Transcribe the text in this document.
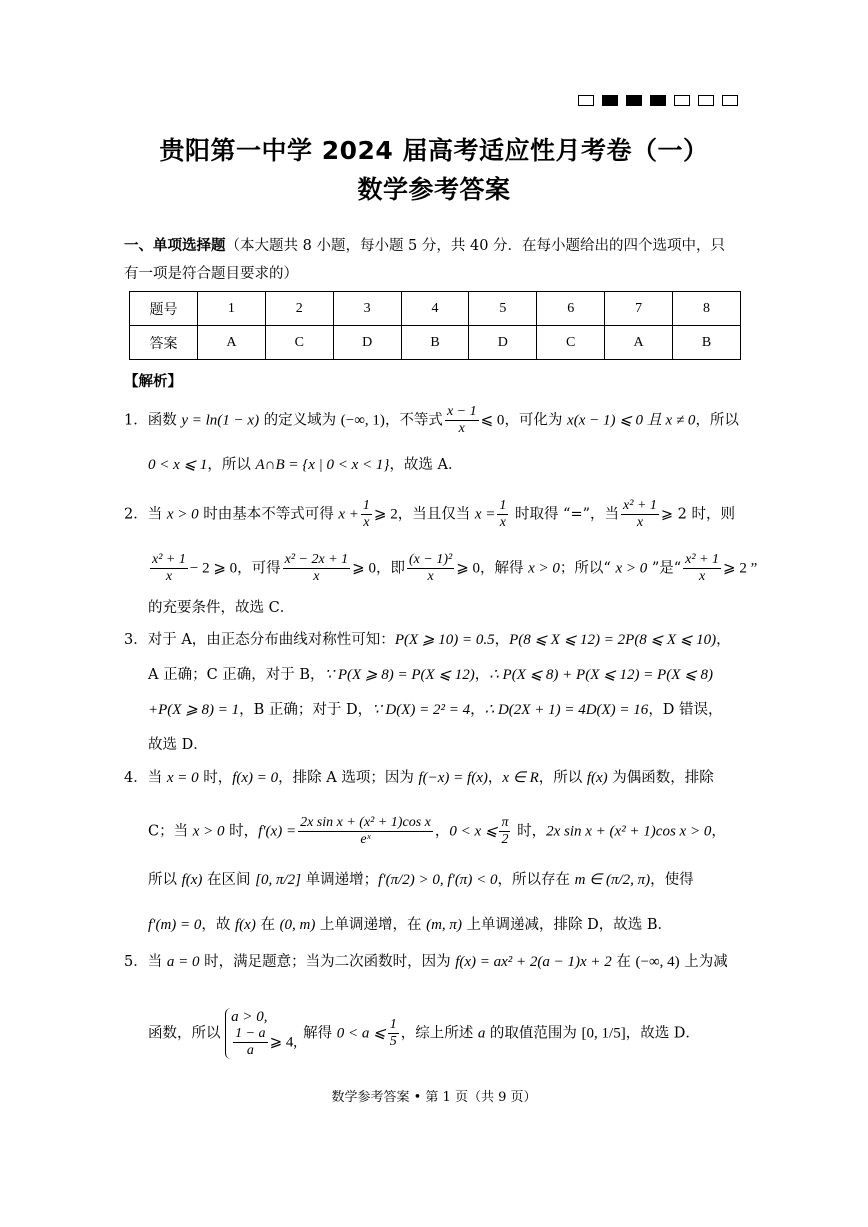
贵阳第一中学 2024 届高考适应性月考卷（一）
数学参考答案
一、单项选择题（本大题共 8 小题，每小题 5 分，共 40 分．在每小题给出的四个选项中，只
有一项是符合题目要求的）
题号	1	2	3	4	5	6	7	8
答案	A	C	D	B	D	C	A	B
【解析】
1．函数 y = ln(1 − x) 的定义域为 (−∞, 1)，不等式 $\frac{x - 1}{x}$ ⩽ 0，可化为 x(x − 1) ⩽ 0 且 x ≠ 0，所以
0 < x ⩽ 1，所以 A∩B = {x | 0 < x < 1}，故选 A．
2．当 x > 0 时由基本不等式可得 $x + \frac{1}{x}$ ⩾ 2，当且仅当 $x = \frac{1}{x}$ 时取得 “=”，当 $\frac{\text{x² + 1}}{x}$ ⩾ 2 时，则
$\frac{\text{x² + 1}}{x} - 2$ ⩾ 0，可得 $\frac{\text{x² − 2x + 1}}{x}$ ⩾ 0，即 $\frac{\text{(x − 1)²}}{x}$ ⩾ 0，解得 x > 0；所以“ x > 0 ”是“ $\frac{\text{x² + 1}}{x}$ ⩾ 2 ”
的充要条件，故选 C．
3．对于 A，由正态分布曲线对称性可知：P(X ⩾ 10) = 0.5，P(8 ⩽ X ⩽ 12) = 2P(8 ⩽ X ⩽ 10)，
A 正确；C 正确，对于 B，∵ P(X ⩾ 8) = P(X ⩽ 12)，∴ P(X ⩽ 8) + P(X ⩽ 12) = P(X ⩽ 8)
+P(X ⩾ 8) = 1，B 正确；对于 D，∵ D(X) = 2² = 4，∴ D(2X + 1) = 4D(X) = 16，D 错误，
故选 D．
4．当 x = 0 时，f(x) = 0，排除 A 选项；因为 f(−x) = f(x)，x ∈ R，所以 f(x) 为偶函数，排除
C；当 x > 0 时，$f'(x) = \frac{\text{2x sin x + (x² + 1)cos x}}{\text{eˣ}}$ ，0 < x ⩽ $\frac{\pi}{2}$ 时，2x sin x + (x² + 1)cos x > 0，
所以 f(x) 在区间 [0, π/2] 单调递增；f′(π/2) > 0, f′(π) < 0，所以存在 m ∈ (π/2, π)，使得
f′(m) = 0，故 f(x) 在 (0, m) 上单调递增，在 (m, π) 上单调递减，排除 D，故选 B．
5．当 a = 0 时，满足题意；当为二次函数时，因为 f(x) = ax² + 2(a − 1)x + 2 在 (−∞, 4) 上为减
函数，所以
a > 0,
$\frac{1 - a}{a}$ ⩾ 4,
解得 0 < a ⩽ $\frac{1}{5}$ ，综上所述 a 的取值范围为 [0, 1/5]，故选 D．
数学参考答案 • 第 1 页（共 9 页）
